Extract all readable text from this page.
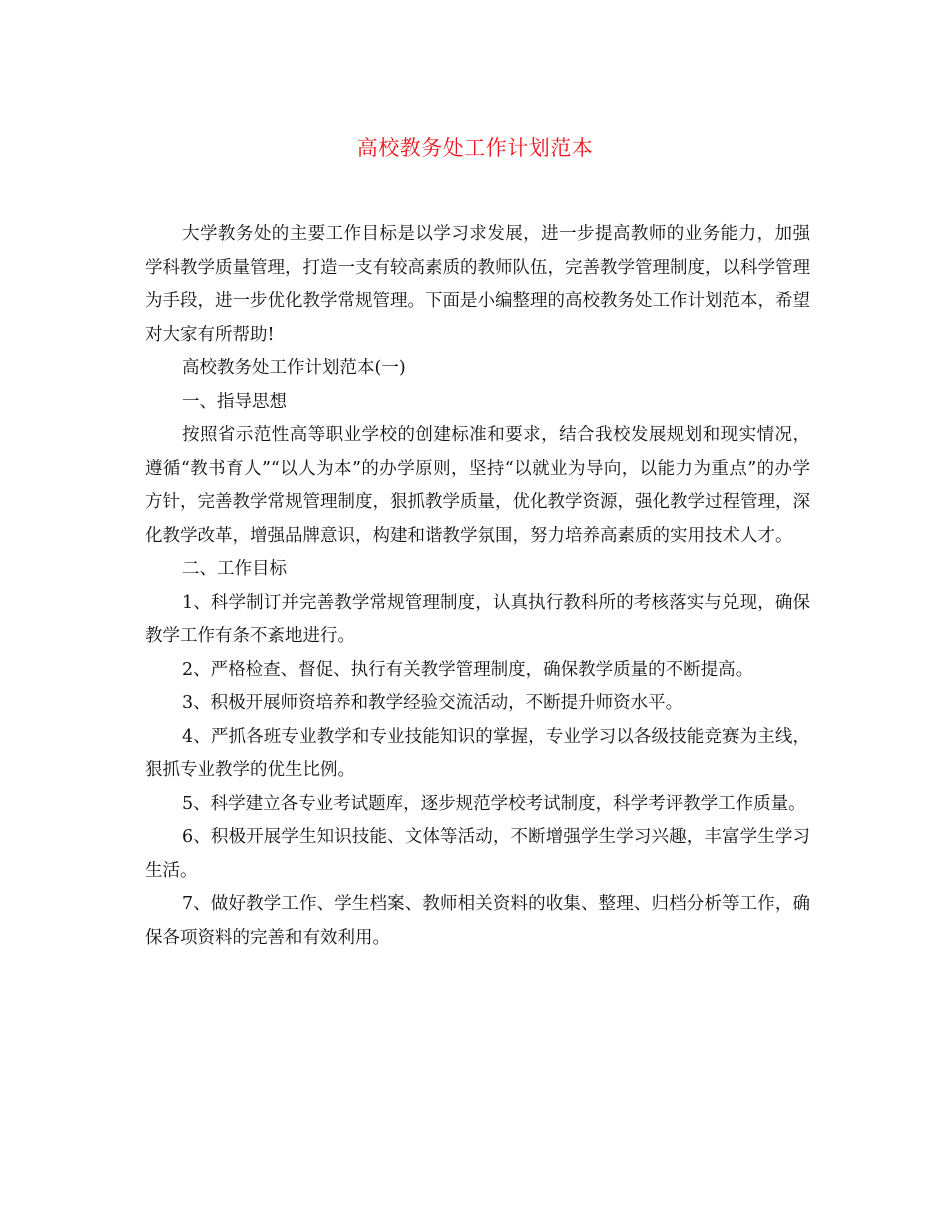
高校教务处工作计划范本

大学教务处的主要工作目标是以学习求发展，进一步提高教师的业务能力，加强学科教学质量管理，打造一支有较高素质的教师队伍，完善教学管理制度，以科学管理为手段，进一步优化教学常规管理。下面是小编整理的高校教务处工作计划范本，希望对大家有所帮助!

高校教务处工作计划范本(一)

一、指导思想

按照省示范性高等职业学校的创建标准和要求，结合我校发展规划和现实情况，遵循“教书育人”“以人为本”的办学原则，坚持“以就业为导向，以能力为重点”的办学方针，完善教学常规管理制度，狠抓教学质量，优化教学资源，强化教学过程管理，深化教学改革，增强品牌意识，构建和谐教学氛围，努力培养高素质的实用技术人才。

二、工作目标

1、科学制订并完善教学常规管理制度，认真执行教科所的考核落实与兑现，确保教学工作有条不紊地进行。

2、严格检查、督促、执行有关教学管理制度，确保教学质量的不断提高。

3、积极开展师资培养和教学经验交流活动，不断提升师资水平。

4、严抓各班专业教学和专业技能知识的掌握，专业学习以各级技能竞赛为主线，狠抓专业教学的优生比例。

5、科学建立各专业考试题库，逐步规范学校考试制度，科学考评教学工作质量。

6、积极开展学生知识技能、文体等活动，不断增强学生学习兴趣，丰富学生学习生活。

7、做好教学工作、学生档案、教师相关资料的收集、整理、归档分析等工作，确保各项资料的完善和有效利用。
